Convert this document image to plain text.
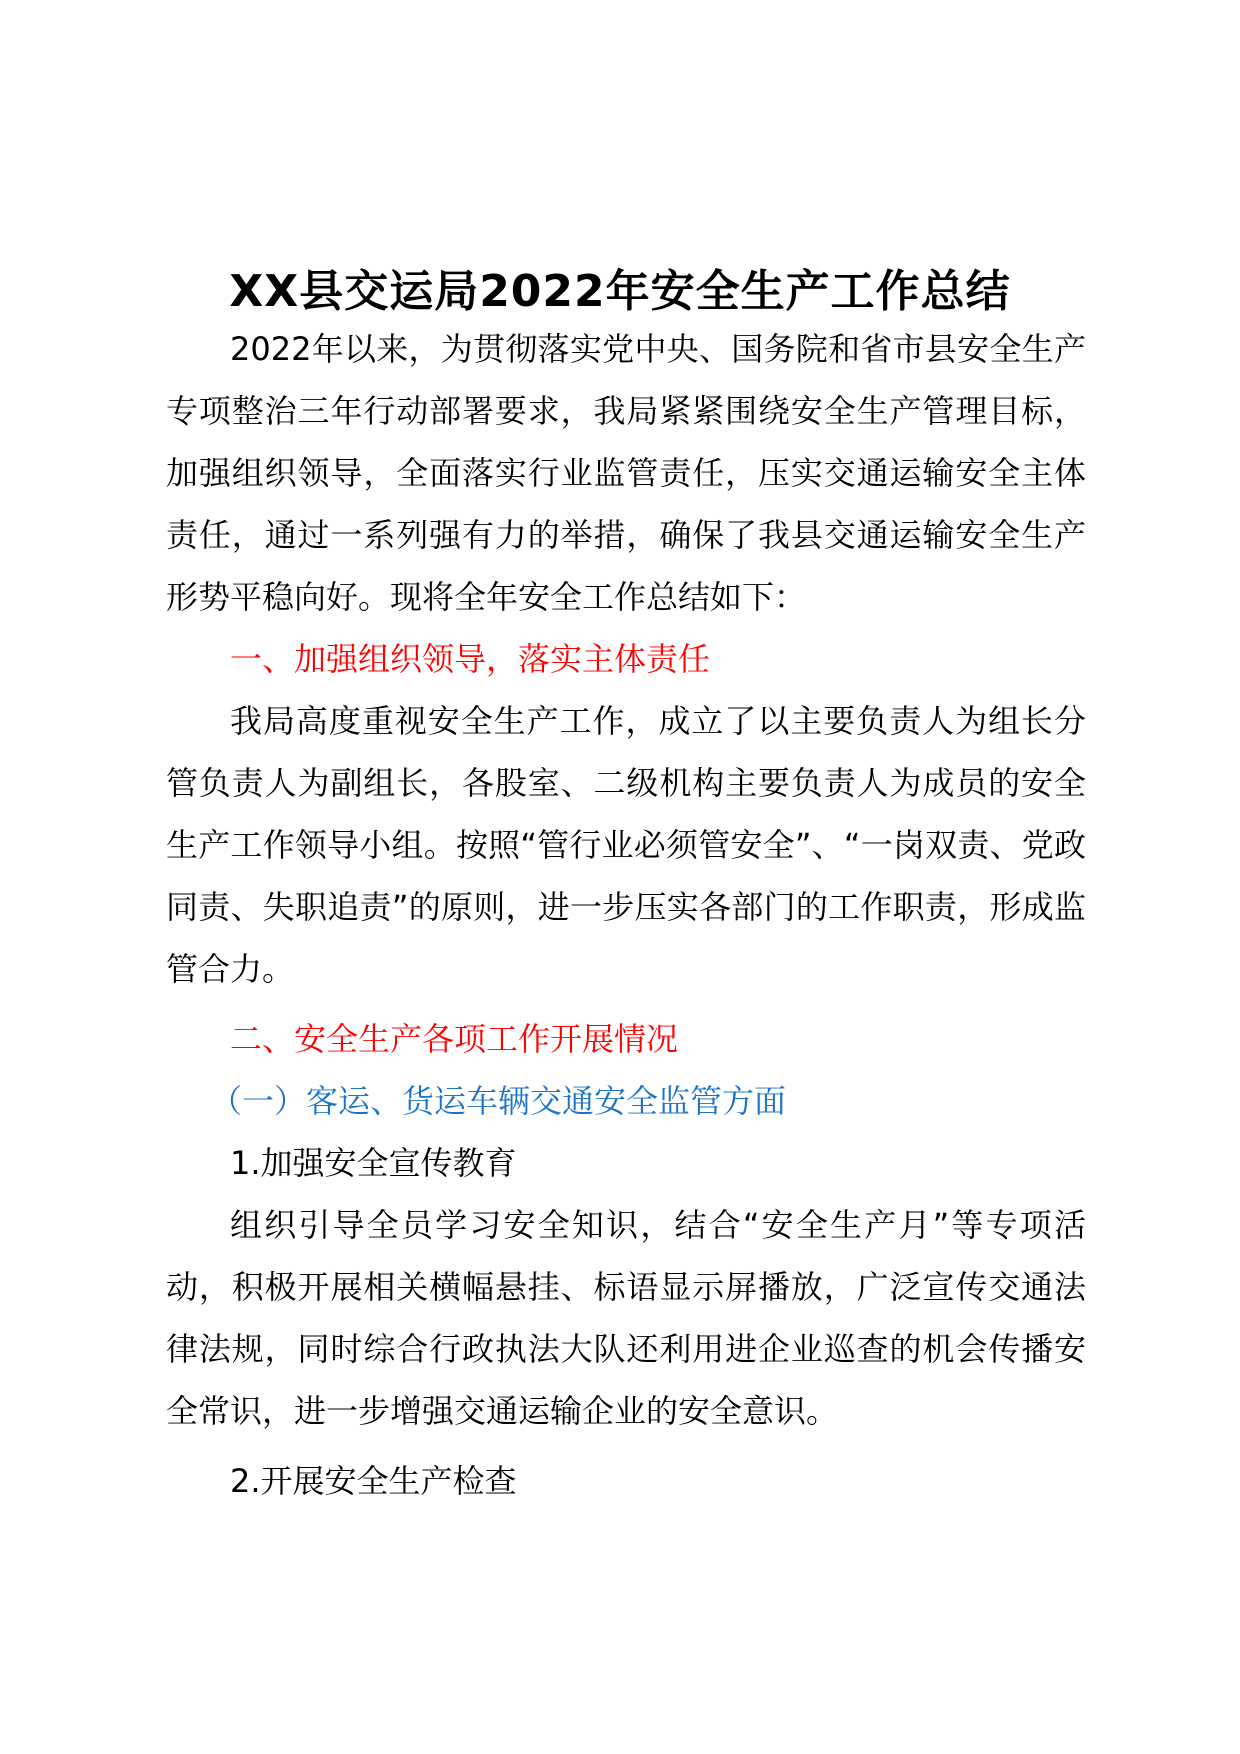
XX县交运局2022年安全生产工作总结

2022年以来，为贯彻落实党中央、国务院和省市县安全生产专项整治三年行动部署要求，我局紧紧围绕安全生产管理目标，加强组织领导，全面落实行业监管责任，压实交通运输安全主体责任，通过一系列强有力的举措，确保了我县交通运输安全生产形势平稳向好。现将全年安全工作总结如下：

一、加强组织领导，落实主体责任

我局高度重视安全生产工作，成立了以主要负责人为组长分管负责人为副组长，各股室、二级机构主要负责人为成员的安全生产工作领导小组。按照“管行业必须管安全”、“一岗双责、党政同责、失职追责”的原则，进一步压实各部门的工作职责，形成监管合力。

二、安全生产各项工作开展情况

（一）客运、货运车辆交通安全监管方面

1.加强安全宣传教育

组织引导全员学习安全知识，结合“安全生产月”等专项活动，积极开展相关横幅悬挂、标语显示屏播放，广泛宣传交通法律法规，同时综合行政执法大队还利用进企业巡查的机会传播安全常识，进一步增强交通运输企业的安全意识。

2.开展安全生产检查
